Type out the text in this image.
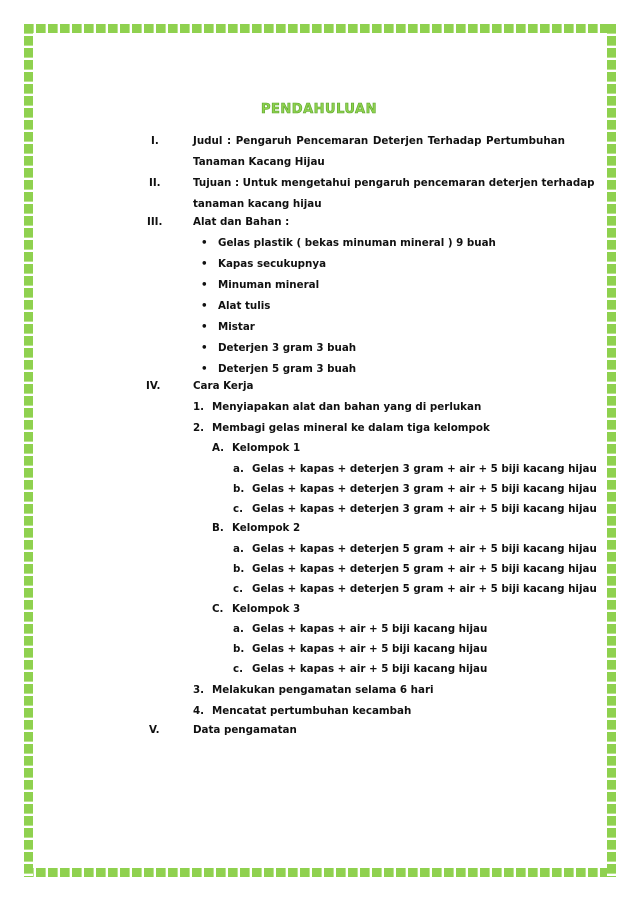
PENDAHULUAN
I.	Judul : Pengaruh Pencemaran Deterjen Terhadap Pertumbuhan
Tanaman Kacang Hijau
II.	Tujuan : Untuk mengetahui pengaruh pencemaran deterjen terhadap
tanaman kacang hijau
III.	Alat dan Bahan :
• Gelas plastik ( bekas minuman mineral ) 9 buah
• Kapas secukupnya
• Minuman mineral
• Alat tulis
• Mistar
• Deterjen 3 gram 3 buah
• Deterjen 5 gram 3 buah
IV.	Cara Kerja
1. Menyiapakan alat dan bahan yang di perlukan
2. Membagi gelas mineral ke dalam tiga kelompok
A. Kelompok 1
a. Gelas + kapas + deterjen 3 gram + air + 5 biji kacang hijau
b. Gelas + kapas + deterjen 3 gram + air + 5 biji kacang hijau
c. Gelas + kapas + deterjen 3 gram + air + 5 biji kacang hijau
B. Kelompok 2
a. Gelas + kapas + deterjen 5 gram + air + 5 biji kacang hijau
b. Gelas + kapas + deterjen 5 gram + air + 5 biji kacang hijau
c. Gelas + kapas + deterjen 5 gram + air + 5 biji kacang hijau
C. Kelompok 3
a. Gelas + kapas + air + 5 biji kacang hijau
b. Gelas + kapas + air + 5 biji kacang hijau
c. Gelas + kapas + air + 5 biji kacang hijau
3. Melakukan pengamatan selama 6 hari
4. Mencatat pertumbuhan kecambah
V.	Data pengamatan
